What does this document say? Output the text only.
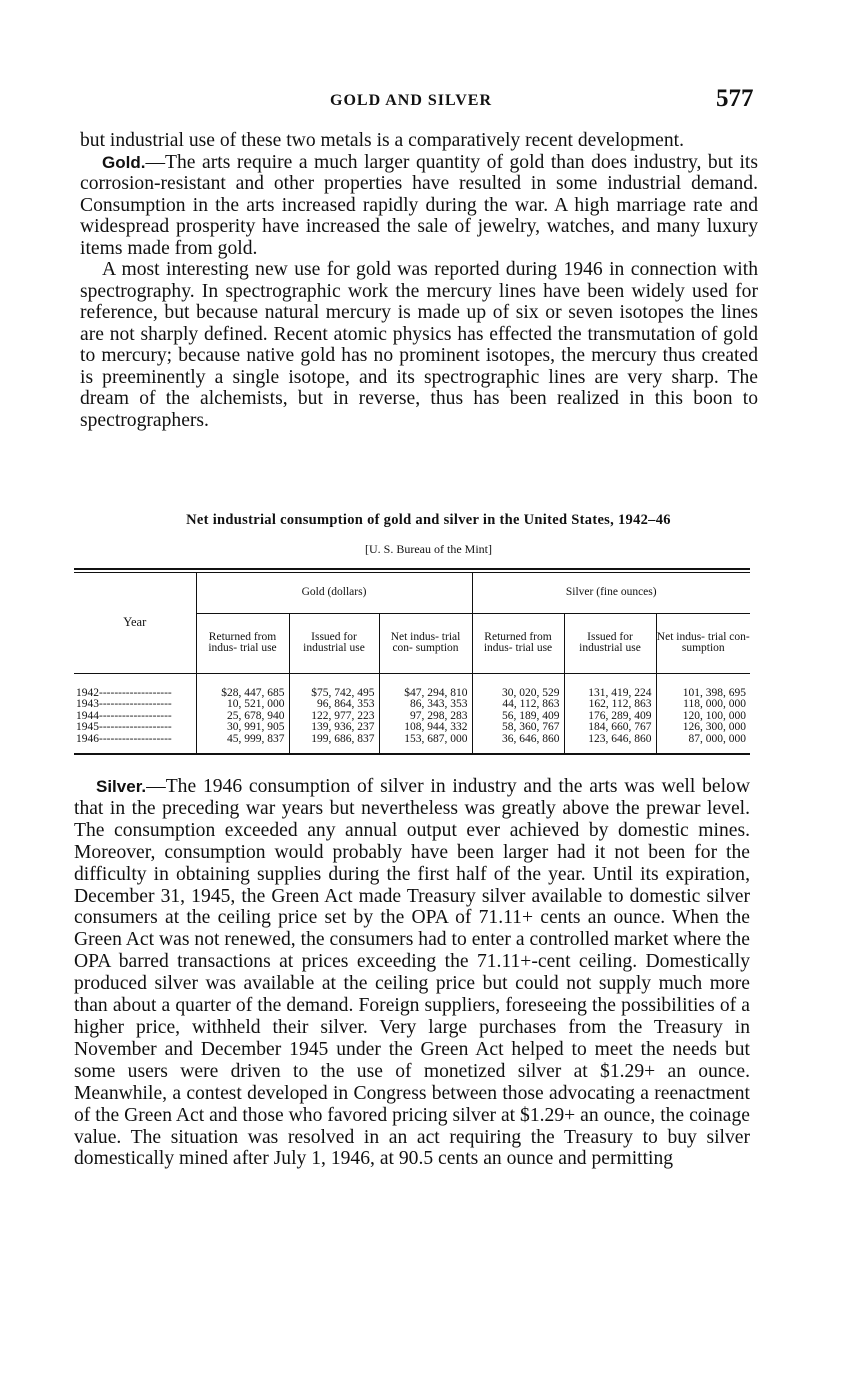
GOLD AND SILVER	577

but industrial use of these two metals is a comparatively recent development.

Gold.—The arts require a much larger quantity of gold than does industry, but its corrosion-resistant and other properties have resulted in some industrial demand. Consumption in the arts increased rapidly during the war. A high marriage rate and widespread prosperity have increased the sale of jewelry, watches, and many luxury items made from gold.

A most interesting new use for gold was reported during 1946 in connection with spectrography. In spectrographic work the mercury lines have been widely used for reference, but because natural mercury is made up of six or seven isotopes the lines are not sharply defined. Recent atomic physics has effected the transmutation of gold to mercury; because native gold has no prominent isotopes, the mercury thus created is preeminently a single isotope, and its spectrographic lines are very sharp. The dream of the alchemists, but in reverse, thus has been realized in this boon to spectrographers.

Net industrial consumption of gold and silver in the United States, 1942–46
[U. S. Bureau of the Mint]
Year	Gold (dollars)			Silver (fine ounces)		
	Returned from indus- trial use	Issued for industrial use	Net indus- trial con- sumption	Returned from indus- trial use	Issued for industrial use	Net indus- trial con- sumption
1942-------------------	$28, 447, 685	$75, 742, 495	$47, 294, 810	30, 020, 529	131, 419, 224	101, 398, 695
1943-------------------	10, 521, 000	96, 864, 353	86, 343, 353	44, 112, 863	162, 112, 863	118, 000, 000
1944-------------------	25, 678, 940	122, 977, 223	97, 298, 283	56, 189, 409	176, 289, 409	120, 100, 000
1945-------------------	30, 991, 905	139, 936, 237	108, 944, 332	58, 360, 767	184, 660, 767	126, 300, 000
1946-------------------	45, 999, 837	199, 686, 837	153, 687, 000	36, 646, 860	123, 646, 860	87, 000, 000

Silver.—The 1946 consumption of silver in industry and the arts was well below that in the preceding war years but nevertheless was greatly above the prewar level. The consumption exceeded any annual output ever achieved by domestic mines. Moreover, consumption would probably have been larger had it not been for the difficulty in obtaining supplies during the first half of the year. Until its expiration, December 31, 1945, the Green Act made Treasury silver available to domestic silver consumers at the ceiling price set by the OPA of 71.11+ cents an ounce. When the Green Act was not renewed, the consumers had to enter a controlled market where the OPA barred transactions at prices exceeding the 71.11+-cent ceiling. Domestically produced silver was available at the ceiling price but could not supply much more than about a quarter of the demand. Foreign suppliers, foreseeing the possibilities of a higher price, withheld their silver. Very large purchases from the Treasury in November and December 1945 under the Green Act helped to meet the needs but some users were driven to the use of monetized silver at $1.29+ an ounce. Meanwhile, a contest developed in Congress between those advocating a reenactment of the Green Act and those who favored pricing silver at $1.29+ an ounce, the coinage value. The situation was resolved in an act requiring the Treasury to buy silver domestically mined after July 1, 1946, at 90.5 cents an ounce and permitting
